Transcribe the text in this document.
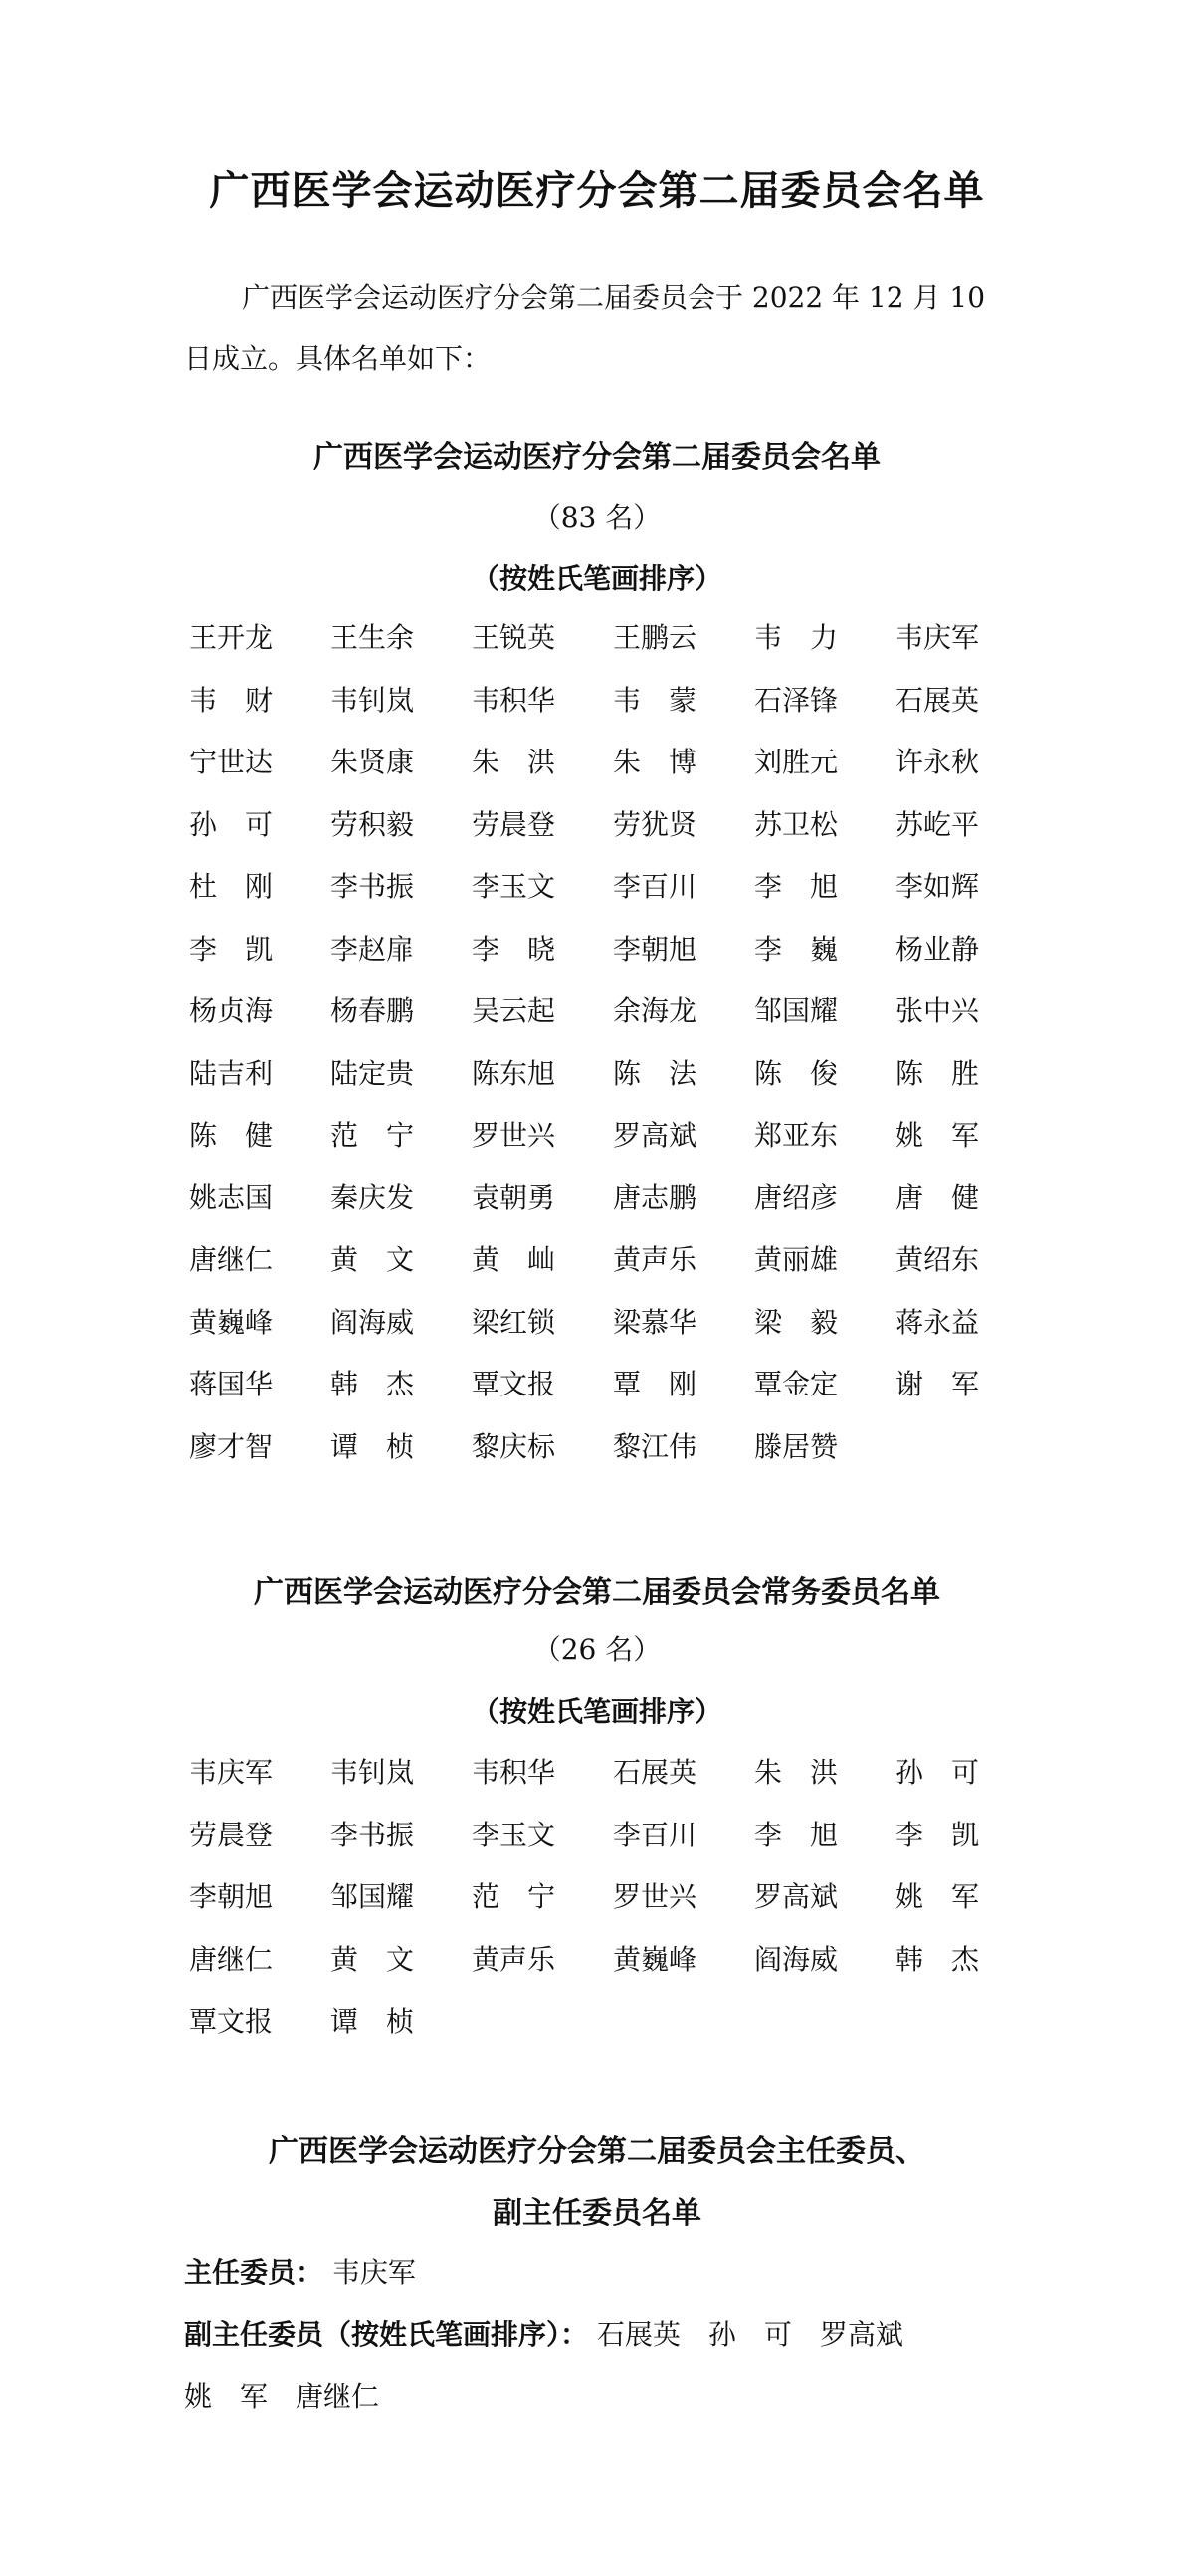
广西医学会运动医疗分会第二届委员会名单

广西医学会运动医疗分会第二届委员会于 2022 年 12 月 10 日成立。具体名单如下：

广西医学会运动医疗分会第二届委员会名单

（83 名）

（按姓氏笔画排序）

王开龙	王生余	王锐英	王鹏云	韦　力	韦庆军
韦　财	韦钊岚	韦积华	韦　蒙	石泽锋	石展英
宁世达	朱贤康	朱　洪	朱　博	刘胜元	许永秋
孙　可	劳积毅	劳晨登	劳犹贤	苏卫松	苏屹平
杜　刚	李书振	李玉文	李百川	李　旭	李如辉
李　凯	李赵扉	李　晓	李朝旭	李　巍	杨业静
杨贞海	杨春鹏	吴云起	余海龙	邹国耀	张中兴
陆吉利	陆定贵	陈东旭	陈　法	陈　俊	陈　胜
陈　健	范　宁	罗世兴	罗高斌	郑亚东	姚　军
姚志国	秦庆发	袁朝勇	唐志鹏	唐绍彦	唐　健
唐继仁	黄　文	黄　屾	黄声乐	黄丽雄	黄绍东
黄巍峰	阎海威	梁红锁	梁慕华	梁　毅	蒋永益
蒋国华	韩　杰	覃文报	覃　刚	覃金定	谢　军
廖才智	谭　桢	黎庆标	黎江伟	滕居赞
广西医学会运动医疗分会第二届委员会常务委员名单

（26 名）

（按姓氏笔画排序）

韦庆军	韦钊岚	韦积华	石展英	朱　洪	孙　可
劳晨登	李书振	李玉文	李百川	李　旭	李　凯
李朝旭	邹国耀	范　宁	罗世兴	罗高斌	姚　军
唐继仁	黄　文	黄声乐	黄巍峰	阎海威	韩　杰
覃文报	谭　桢
广西医学会运动医疗分会第二届委员会主任委员、
副主任委员名单

主任委员： 韦庆军

副主任委员（按姓氏笔画排序）： 石展英　孙　可　罗高斌

姚　军　唐继仁
